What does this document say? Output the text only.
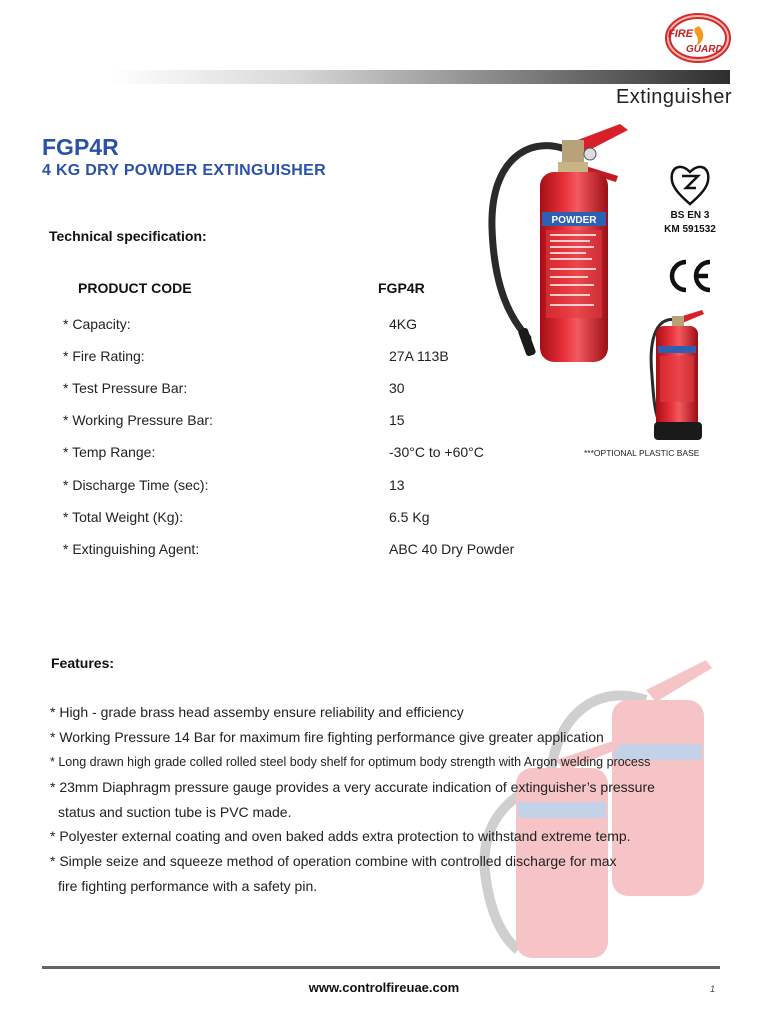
FIRE
GUARD
Extinguisher
FGP4R
4 KG DRY POWDER EXTINGUISHER
Technical specification:
PRODUCT CODE	FGP4R
* Capacity:	4KG
* Fire Rating:	27A 113B
* Test Pressure Bar:	30
* Working Pressure Bar:	15
* Temp Range:	-30°C to +60°C
* Discharge Time (sec):	13
* Total Weight (Kg):	6.5 Kg
* Extinguishing Agent:	ABC 40 Dry Powder
POWDER	BS EN 3
KM 591532
***OPTIONAL PLASTIC BASE
Features:
* High - grade brass head assemby ensure reliability and efficiency
* Working Pressure 14 Bar for maximum fire fighting performance give greater application
* Long drawn high grade colled rolled steel body shelf for optimum body strength with Argon welding process
* 23mm Diaphragm pressure gauge provides a very accurate indication of extinguisher’s pressure
status and suction tube is PVC made.
* Polyester external coating and oven baked adds extra protection to withstand extreme temp.
* Simple seize and squeeze method of operation combine with controlled discharge for max
fire fighting performance with a safety pin.
www.controlfireuae.com	1
